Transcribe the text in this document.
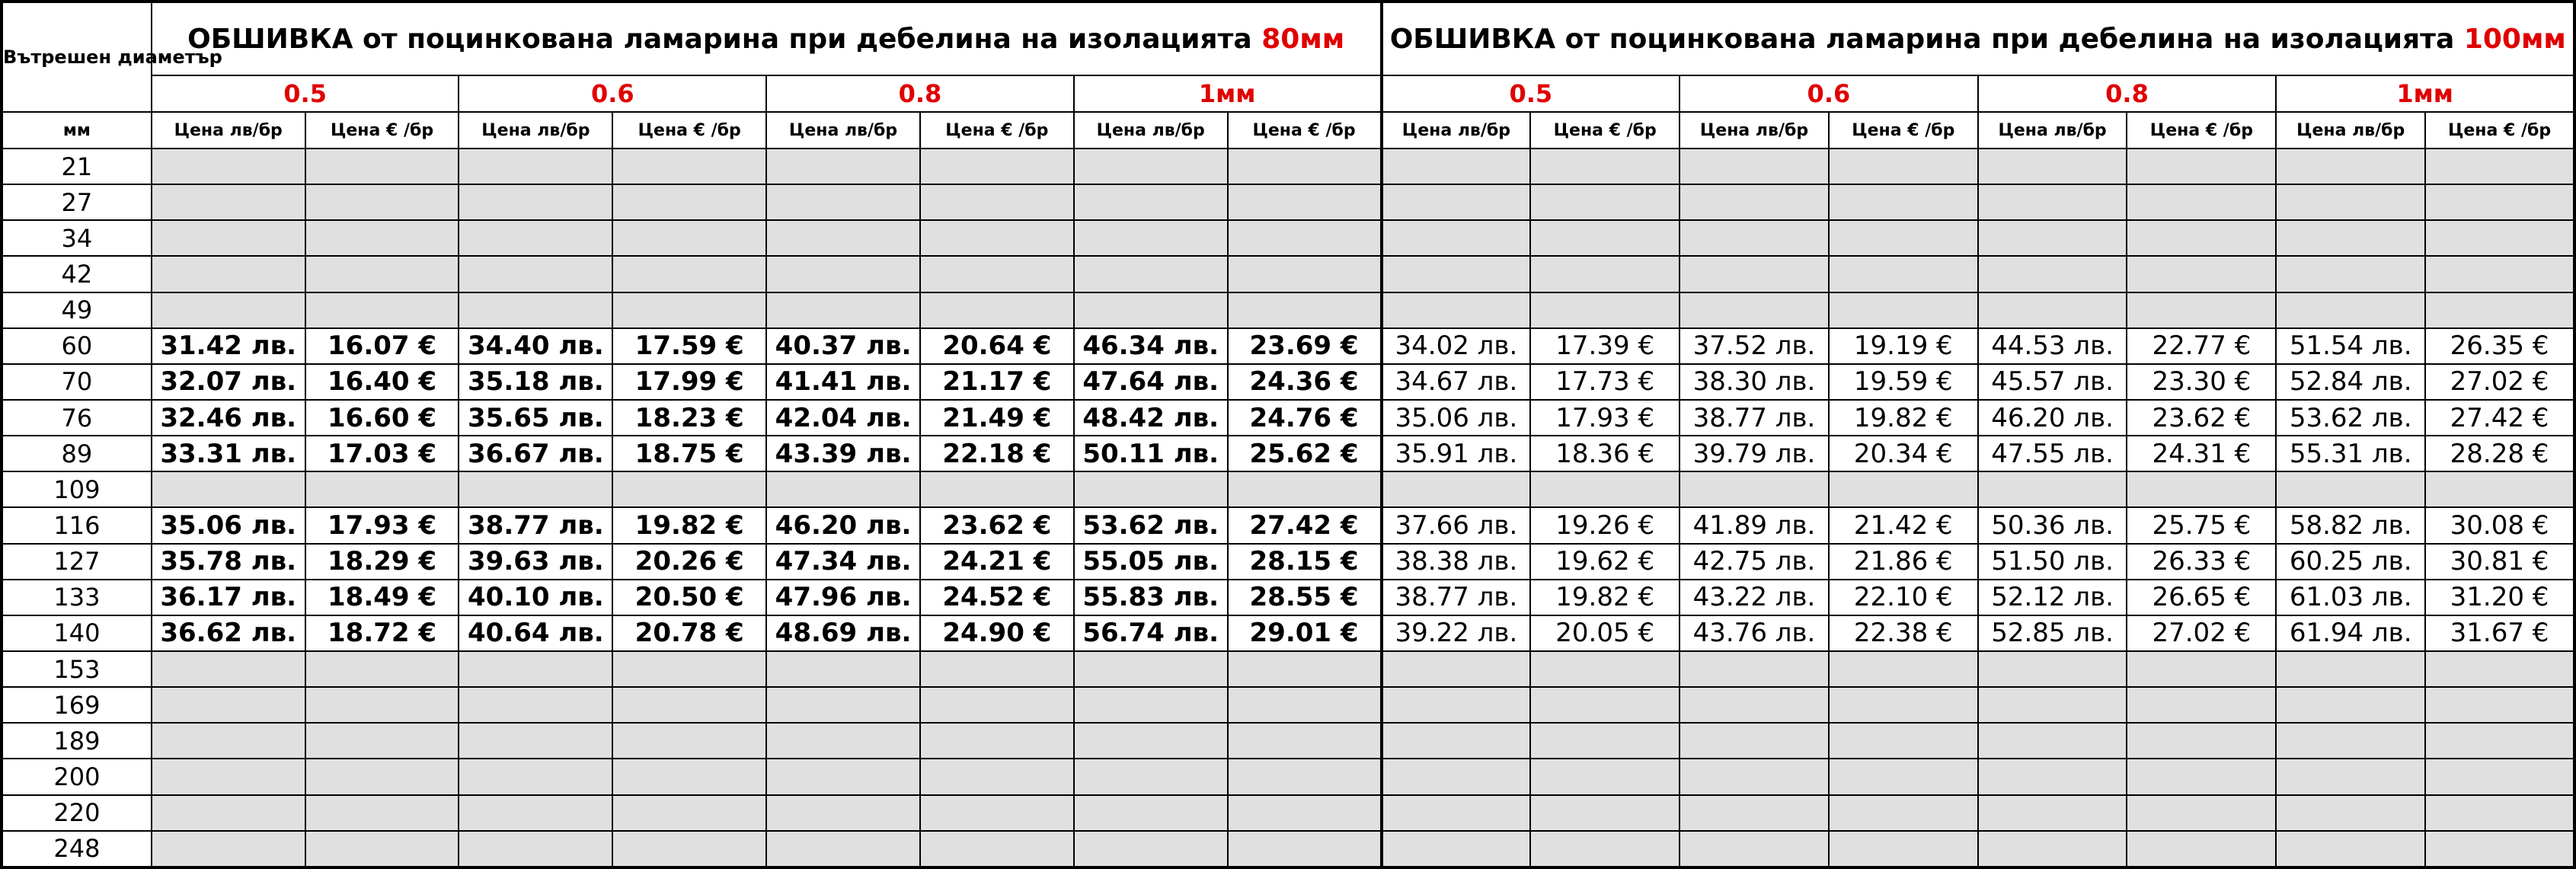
Вътрешен диаметър	ОБШИВКА от поцинкована ламарина при дебелина на изолацията 80мм								ОБШИВКА от поцинкована ламарина при дебелина на изолацията 100мм							
	0.5		0.6		0.8		1мм		0.5		0.6		0.8		1мм	
мм	Цена лв/бр	Цена € /бр	Цена лв/бр	Цена € /бр	Цена лв/бр	Цена € /бр	Цена лв/бр	Цена € /бр	Цена лв/бр	Цена € /бр	Цена лв/бр	Цена € /бр	Цена лв/бр	Цена € /бр	Цена лв/бр	Цена € /бр
21																
27																
34																
42																
49																
60	31.42 лв.	16.07 €	34.40 лв.	17.59 €	40.37 лв.	20.64 €	46.34 лв.	23.69 €	34.02 лв.	17.39 €	37.52 лв.	19.19 €	44.53 лв.	22.77 €	51.54 лв.	26.35 €
70	32.07 лв.	16.40 €	35.18 лв.	17.99 €	41.41 лв.	21.17 €	47.64 лв.	24.36 €	34.67 лв.	17.73 €	38.30 лв.	19.59 €	45.57 лв.	23.30 €	52.84 лв.	27.02 €
76	32.46 лв.	16.60 €	35.65 лв.	18.23 €	42.04 лв.	21.49 €	48.42 лв.	24.76 €	35.06 лв.	17.93 €	38.77 лв.	19.82 €	46.20 лв.	23.62 €	53.62 лв.	27.42 €
89	33.31 лв.	17.03 €	36.67 лв.	18.75 €	43.39 лв.	22.18 €	50.11 лв.	25.62 €	35.91 лв.	18.36 €	39.79 лв.	20.34 €	47.55 лв.	24.31 €	55.31 лв.	28.28 €
109																
116	35.06 лв.	17.93 €	38.77 лв.	19.82 €	46.20 лв.	23.62 €	53.62 лв.	27.42 €	37.66 лв.	19.26 €	41.89 лв.	21.42 €	50.36 лв.	25.75 €	58.82 лв.	30.08 €
127	35.78 лв.	18.29 €	39.63 лв.	20.26 €	47.34 лв.	24.21 €	55.05 лв.	28.15 €	38.38 лв.	19.62 €	42.75 лв.	21.86 €	51.50 лв.	26.33 €	60.25 лв.	30.81 €
133	36.17 лв.	18.49 €	40.10 лв.	20.50 €	47.96 лв.	24.52 €	55.83 лв.	28.55 €	38.77 лв.	19.82 €	43.22 лв.	22.10 €	52.12 лв.	26.65 €	61.03 лв.	31.20 €
140	36.62 лв.	18.72 €	40.64 лв.	20.78 €	48.69 лв.	24.90 €	56.74 лв.	29.01 €	39.22 лв.	20.05 €	43.76 лв.	22.38 €	52.85 лв.	27.02 €	61.94 лв.	31.67 €
153																
169																
189																
200																
220																
248																
